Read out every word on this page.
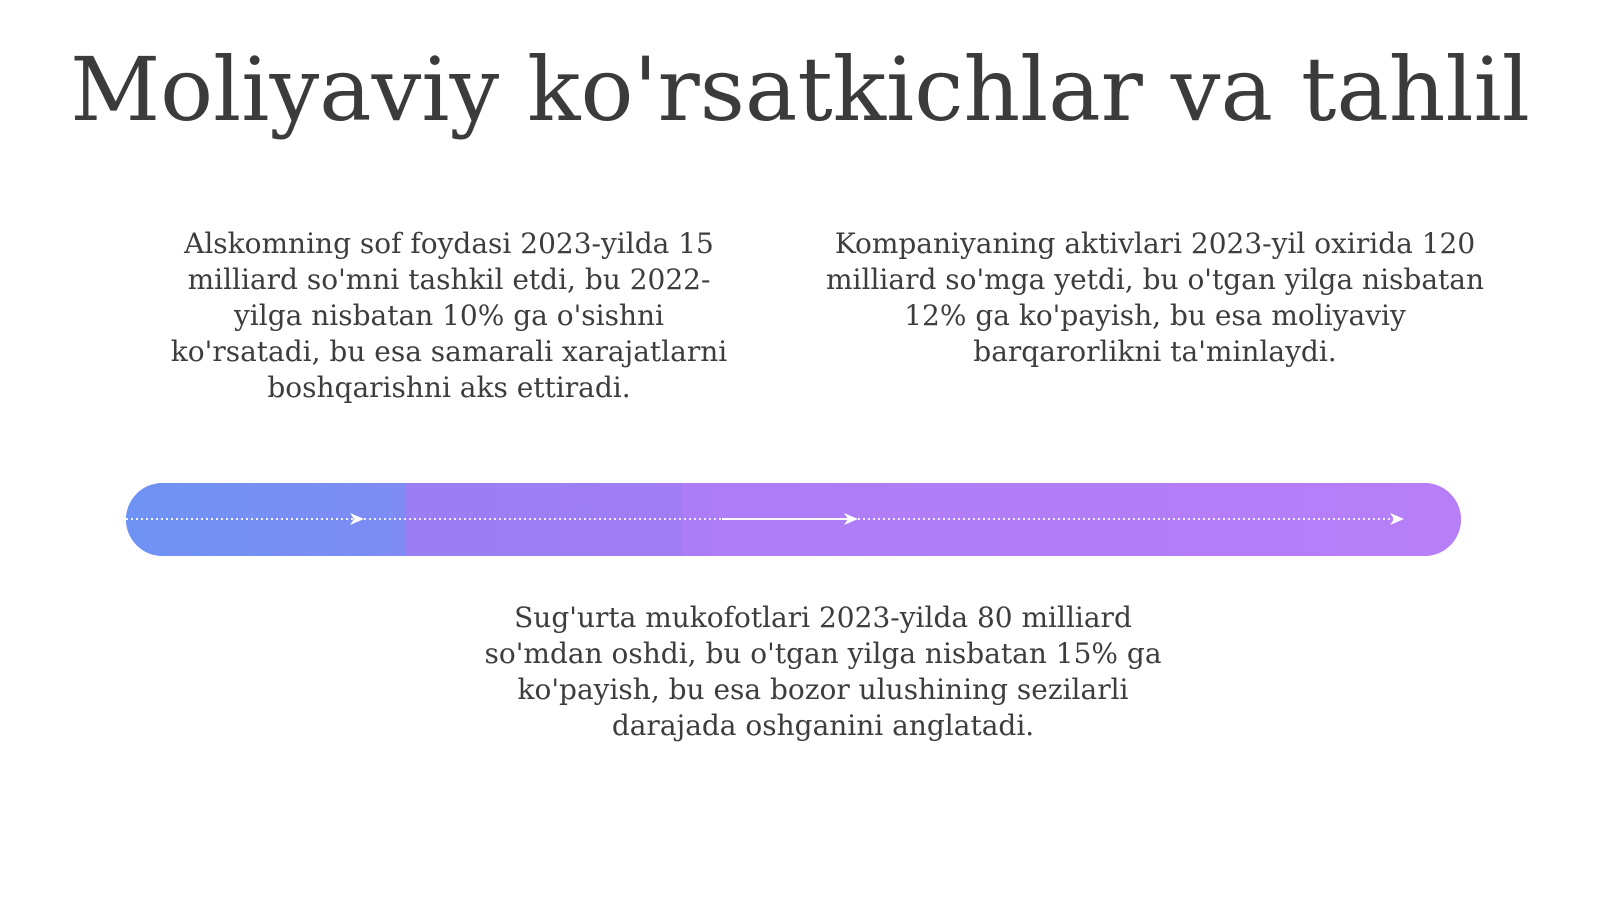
Moliyaviy ko'rsatkichlar va tahlil

Alskomning sof foydasi 2023-yilda 15 milliard so'mni tashkil etdi, bu 2022-yilga nisbatan 10% ga o'sishni ko'rsatadi, bu esa samarali xarajatlarni boshqarishni aks ettiradi.

Kompaniyaning aktivlari 2023-yil oxirida 120 milliard so'mga yetdi, bu o'tgan yilga nisbatan 12% ga ko'payish, bu esa moliyaviy barqarorlikni ta'minlaydi.

Sug'urta mukofotlari 2023-yilda 80 milliard so'mdan oshdi, bu o'tgan yilga nisbatan 15% ga ko'payish, bu esa bozor ulushining sezilarli darajada oshganini anglatadi.
